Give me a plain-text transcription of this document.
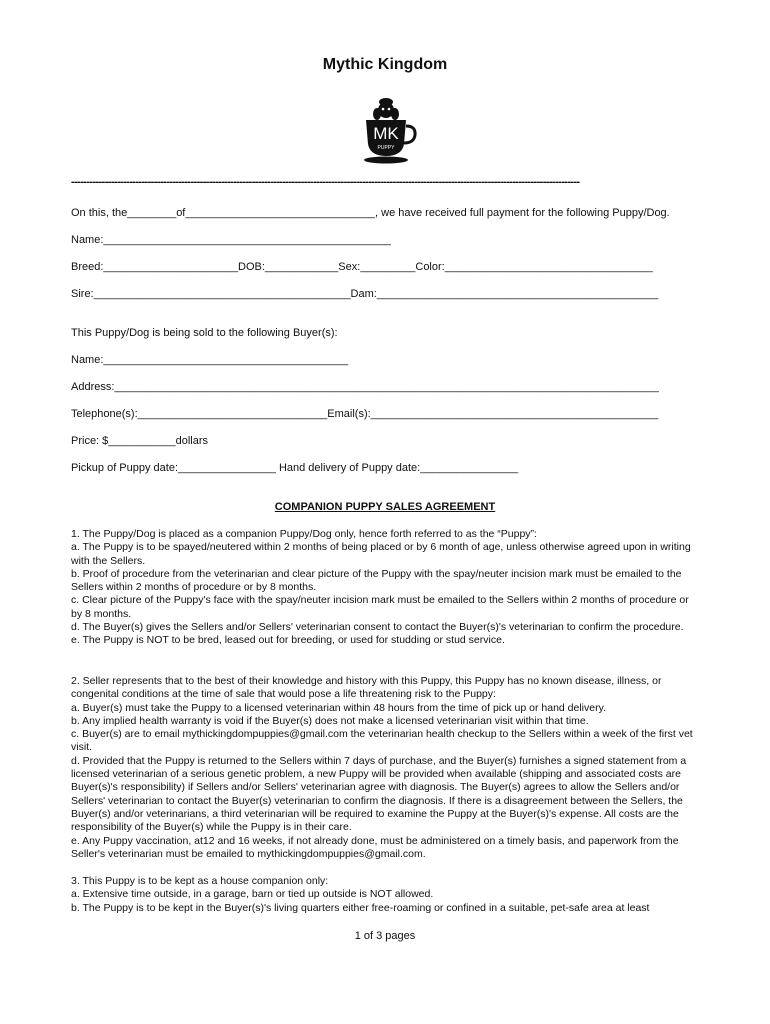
Mythic Kingdom
MK
PUPPY
----------------------------------------------------------------------------------------------------------------------------------------------------------------------
On this, the________of_______________________________, we have received full payment for the following Puppy/Dog.
Name:_______________________________________________
Breed:______________________DOB:____________Sex:_________Color:__________________________________
Sire:__________________________________________Dam:______________________________________________
This Puppy/Dog is being sold to the following Buyer(s):
Name:________________________________________
Address:_________________________________________________________________________________________
Telephone(s):_______________________________Email(s):_______________________________________________
Price: $___________dollars
Pickup of Puppy date:________________ Hand delivery of Puppy date:________________
COMPANION PUPPY SALES AGREEMENT

1. The Puppy/Dog is placed as a companion Puppy/Dog only, hence forth referred to as the “Puppy”:

a. The Puppy is to be spayed/neutered within 2 months of being placed or by 6 month of age, unless otherwise agreed upon in writing with the Sellers.

b. Proof of procedure from the veterinarian and clear picture of the Puppy with the spay/neuter incision mark must be emailed to the Sellers within 2 months of procedure or by 8 months.

c. Clear picture of the Puppy's face with the spay/neuter incision mark must be emailed to the Sellers within 2 months of procedure or by 8 months.

d. The Buyer(s) gives the Sellers and/or Sellers' veterinarian consent to contact the Buyer(s)'s veterinarian to confirm the procedure.

e. The Puppy is NOT to be bred, leased out for breeding, or used for studding or stud service.

2. Seller represents that to the best of their knowledge and history with this Puppy, this Puppy has no known disease, illness, or congenital conditions at the time of sale that would pose a life threatening risk to the Puppy:

a. Buyer(s) must take the Puppy to a licensed veterinarian within 48 hours from the time of pick up or hand delivery.

b. Any implied health warranty is void if the Buyer(s) does not make a licensed veterinarian visit within that time.

c. Buyer(s) are to email mythickingdompuppies@gmail.com the veterinarian health checkup to the Sellers within a week of the first vet visit.

d. Provided that the Puppy is returned to the Sellers within 7 days of purchase, and the Buyer(s) furnishes a signed statement from a licensed veterinarian of a serious genetic problem, a new Puppy will be provided when available (shipping and associated costs are Buyer(s)'s responsibility) if Sellers and/or Sellers' veterinarian agree with diagnosis. The Buyer(s) agrees to allow the Sellers and/or Sellers' veterinarian to contact the Buyer(s) veterinarian to confirm the diagnosis. If there is a disagreement between the Sellers, the Buyer(s) and/or veterinarians, a third veterinarian will be required to examine the Puppy at the Buyer(s)'s expense. All costs are the responsibility of the Buyer(s) while the Puppy is in their care.

e. Any Puppy vaccination, at12 and 16 weeks, if not already done, must be administered on a timely basis, and paperwork from the Seller's veterinarian must be emailed to mythickingdompuppies@gmail.com.

3. This Puppy is to be kept as a house companion only:

a. Extensive time outside, in a garage, barn or tied up outside is NOT allowed.

b. The Puppy is to be kept in the Buyer(s)'s living quarters either free-roaming or confined in a suitable, pet-safe area at least

1 of 3 pages
